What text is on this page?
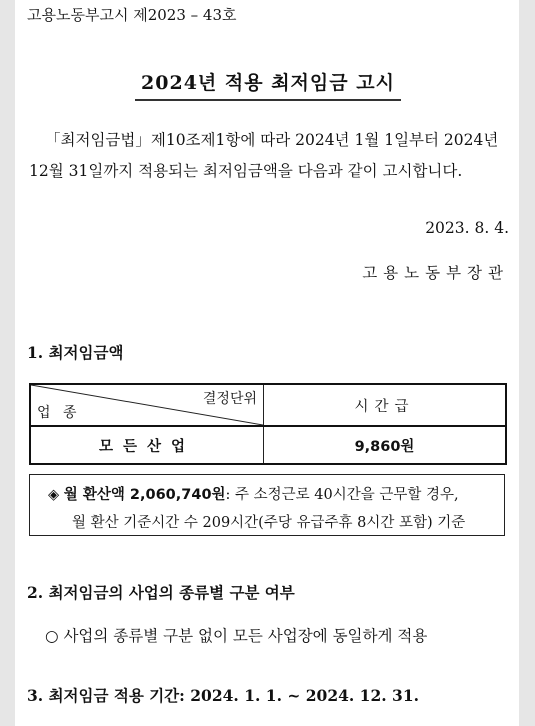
고용노동부고시 제2023 – 43호
2024년 적용 최저임금 고시
「최저임금법」제10조제1항에 따라 2024년 1월 1일부터 2024년
12월 31일까지 적용되는 최저임금액을 다음과 같이 고시합니다.
2023. 8. 4.
고용노동부장관
1. 최저임금액
결정단위
업 종	시간급
모든산업	9,860원
◈ 월 환산액 2,060,740원: 주 소정근로 40시간을 근무할 경우,
월 환산 기준시간 수 209시간(주당 유급주휴 8시간 포함) 기준
2. 최저임금의 사업의 종류별 구분 여부
○ 사업의 종류별 구분 없이 모든 사업장에 동일하게 적용
3. 최저임금 적용 기간: 2024. 1. 1. ~ 2024. 12. 31.
